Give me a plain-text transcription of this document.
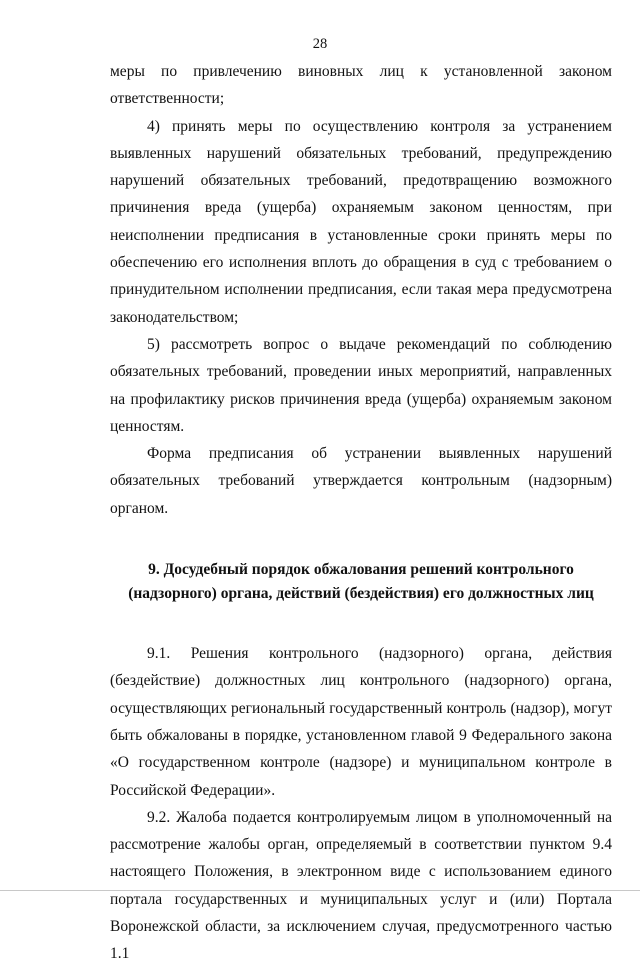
28

меры по привлечению виновных лиц к установленной законом ответственности;

4) принять меры по осуществлению контроля за устранением выявленных нарушений обязательных требований, предупреждению нарушений обязательных требований, предотвращению возможного причинения вреда (ущерба) охраняемым законом ценностям, при неисполнении предписания в установленные сроки принять меры по обеспечению его исполнения вплоть до обращения в суд с требованием о принудительном исполнении предписания, если такая мера предусмотрена законодательством;

5) рассмотреть вопрос о выдаче рекомендаций по соблюдению обязательных требований, проведении иных мероприятий, направленных на профилактику рисков причинения вреда (ущерба) охраняемым законом ценностям.

Форма предписания об устранении выявленных нарушений обязательных требований утверждается контрольным (надзорным) органом.

9. Досудебный порядок обжалования решений контрольного
(надзорного) органа, действий (бездействия) его должностных лиц

9.1. Решения контрольного (надзорного) органа, действия (бездействие) должностных лиц контрольного (надзорного) органа, осуществляющих региональный государственный контроль (надзор), могут быть обжалованы в порядке, установленном главой 9 Федерального закона «О государственном контроле (надзоре) и муниципальном контроле в Российской Федерации».

9.2. Жалоба подается контролируемым лицом в уполномоченный на рассмотрение жалобы орган, определяемый в соответствии пунктом 9.4 настоящего Положения, в электронном виде с использованием единого портала государственных и муниципальных услуг и (или) Портала Воронежской области, за исключением случая, предусмотренного частью 1.1
